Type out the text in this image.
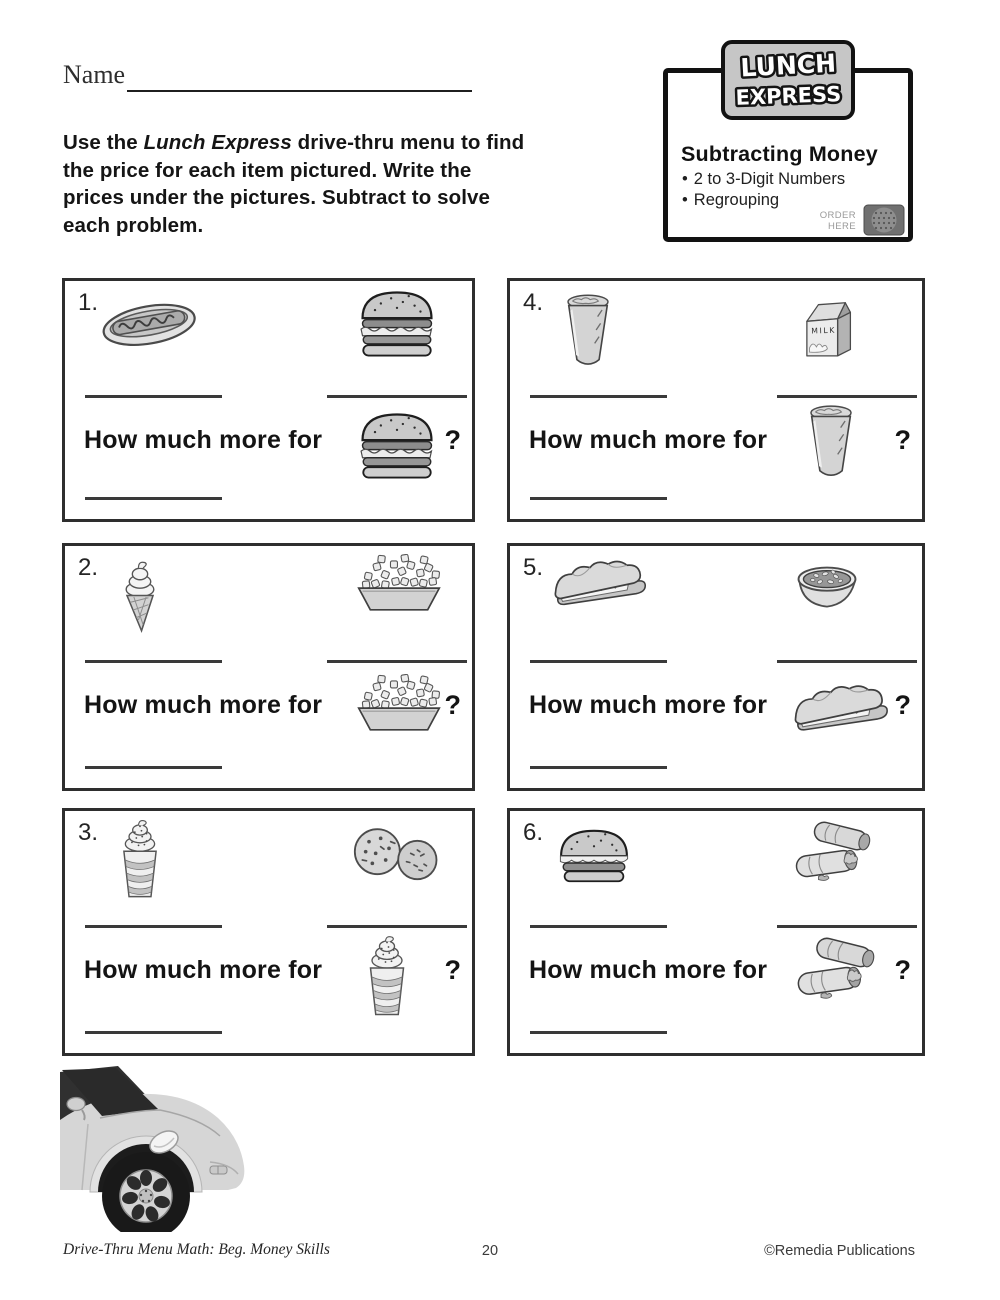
Name
Use the Lunch Express drive-thru menu to find the price for each item pictured. Write the prices under the pictures. Subtract to solve each problem.
LUNCH
EXPRESS
Subtracting Money
• 2 to 3-Digit Numbers
• Regrouping
ORDER
HERE
1.
How much more for	?
4.
How much more for	?
2.
How much more for	?
5.
How much more for	?
3.
How much more for	?
6.
How much more for	?
Drive-Thru Menu Math: Beg. Money Skills	20	©Remedia Publications
